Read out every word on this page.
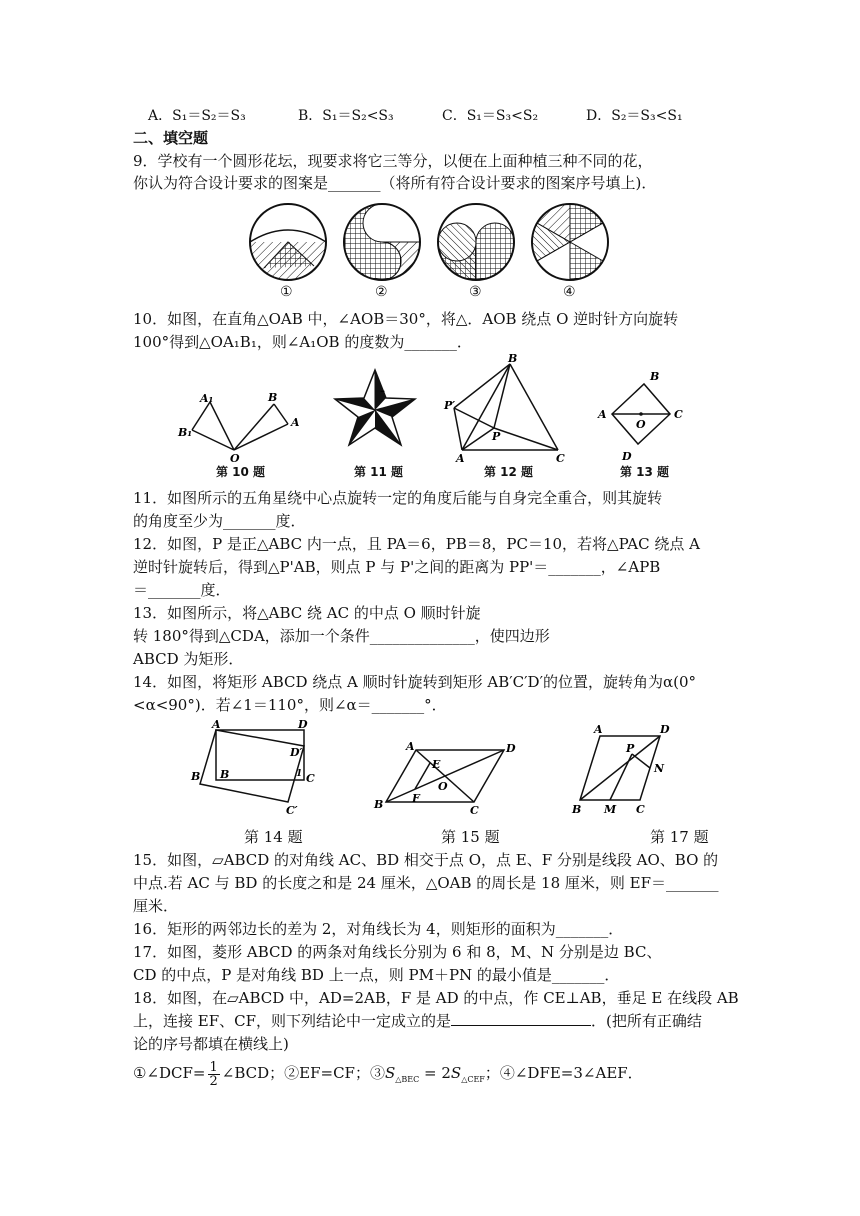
A．S₁＝S₂＝S₃	B．S₁＝S₂<S₃	C．S₁＝S₃<S₂	D．S₂＝S₃<S₁
二、填空题
9．学校有一个圆形花坛，现要求将它三等分，以便在上面种植三种不同的花，
你认为符合设计要求的图案是_______（将所有符合设计要求的图案序号填上)．
①	②	③	④
10．如图，在直角△OAB 中，∠AOB＝30°，将△．AOB 绕点 O 逆时针方向旋转
100°得到△OA₁B₁，则∠A₁OB 的度数为_______．
A₁
B₁
B
A
O
–
B
P′
P
A	C
B
A
O
C
D
第 10 题	第 11 题	第 12 题	第 13 题
11．如图所示的五角星绕中心点旋转一定的角度后能与自身完全重合，则其旋转
的角度至少为_______度．
12．如图，P 是正△ABC 内一点，且 PA＝6，PB＝8，PC＝10，若将△PAC 绕点 A
逆时针旋转后，得到△P'AB，则点 P 与 P'之间的距离为 PP'＝_______，∠APB
＝_______度．
13．如图所示，将△ABC 绕 AC 的中点 O 顺时针旋
转 180°得到△CDA，添加一个条件______________，使四边形
ABCD 为矩形．
14．如图，将矩形 ABCD 绕点 A 顺时针旋转到矩形 AB′C′D′的位置，旋转角为α(0°
<α<90°)．若∠1＝110°，则∠α＝_______°．
A	D
D′
B B	C
C′
1
A	D
E
O
F
B	C
A	D
P
N
B M C
第 14 题	第 15 题	第 17 题
15．如图，▱ABCD 的对角线 AC、BD 相交于点 O，点 E、F 分别是线段 AO、BO 的
中点.若 AC 与 BD 的长度之和是 24 厘米，△OAB 的周长是 18 厘米，则 EF＝_______
厘米．
16．矩形的两邻边长的差为 2，对角线长为 4，则矩形的面积为_______．
17．如图，菱形 ABCD 的两条对角线长分别为 6 和 8，M、N 分别是边 BC、
CD 的中点，P 是对角线 BD 上一点，则 PM＋PN 的最小值是_______．
18．如图，在▱ABCD 中，AD=2AB，F 是 AD 的中点，作 CE⊥AB，垂足 E 在线段 AB
上，连接 EF、CF，则下列结论中一定成立的是	．(把所有正确结
论的序号都填在横线上)
①∠DCF= $\frac{1}{2}$ ∠BCD；②EF=CF；$③S_{\triangle BEC} = 2S_{\triangle CEF}$；④∠DFE=3∠AEF．
